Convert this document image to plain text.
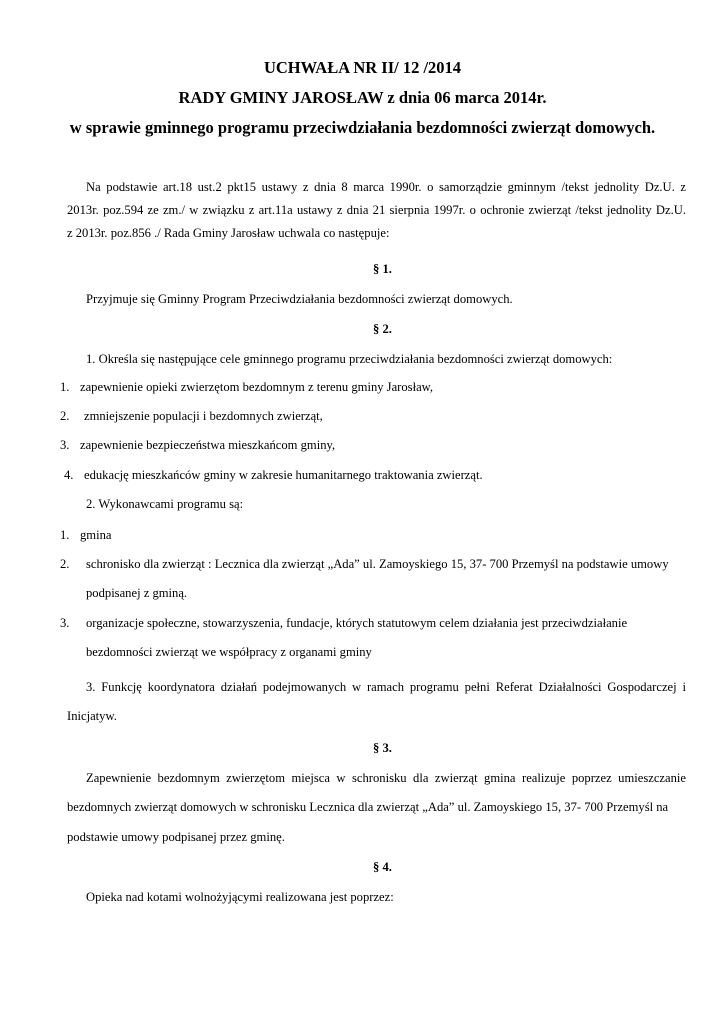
UCHWAŁA NR II/ 12 /2014
RADY GMINY JAROSŁAW z dnia 06 marca 2014r.
w sprawie gminnego programu przeciwdziałania bezdomności zwierząt domowych.
Na podstawie art.18 ust.2 pkt15 ustawy z dnia 8 marca 1990r. o samorządzie gminnym /tekst jednolity Dz.U. z
2013r. poz.594 ze zm./ w związku z art.11a ustawy z dnia 21 sierpnia 1997r. o ochronie zwierząt /tekst jednolity Dz.U.
z 2013r. poz.856 ./ Rada Gminy Jarosław uchwala co następuje:
§ 1.
Przyjmuje się Gminny Program Przeciwdziałania bezdomności zwierząt domowych.
§ 2.
1. Określa się następujące cele gminnego programu przeciwdziałania bezdomności zwierząt domowych:
1. zapewnienie opieki zwierzętom bezdomnym z terenu gminy Jarosław,
2. zmniejszenie populacji i bezdomnych zwierząt,
3. zapewnienie bezpieczeństwa mieszkańcom gminy,
4. edukację mieszkańców gminy w zakresie humanitarnego traktowania zwierząt.
2. Wykonawcami programu są:
1. gmina
2. schronisko dla zwierząt : Lecznica dla zwierząt „Ada” ul. Zamoyskiego 15, 37- 700 Przemyśl na podstawie umowy
podpisanej z gminą.
3. organizacje społeczne, stowarzyszenia, fundacje, których statutowym celem działania jest przeciwdziałanie
bezdomności zwierząt we współpracy z organami gminy
3. Funkcję koordynatora działań podejmowanych w ramach programu pełni Referat Działalności Gospodarczej i
Inicjatyw.
§ 3.
Zapewnienie bezdomnym zwierzętom miejsca w schronisku dla zwierząt gmina realizuje poprzez umieszczanie
bezdomnych zwierząt domowych w schronisku Lecznica dla zwierząt „Ada” ul. Zamoyskiego 15, 37- 700 Przemyśl na
podstawie umowy podpisanej przez gminę.
§ 4.
Opieka nad kotami wolnożyjącymi realizowana jest poprzez:
